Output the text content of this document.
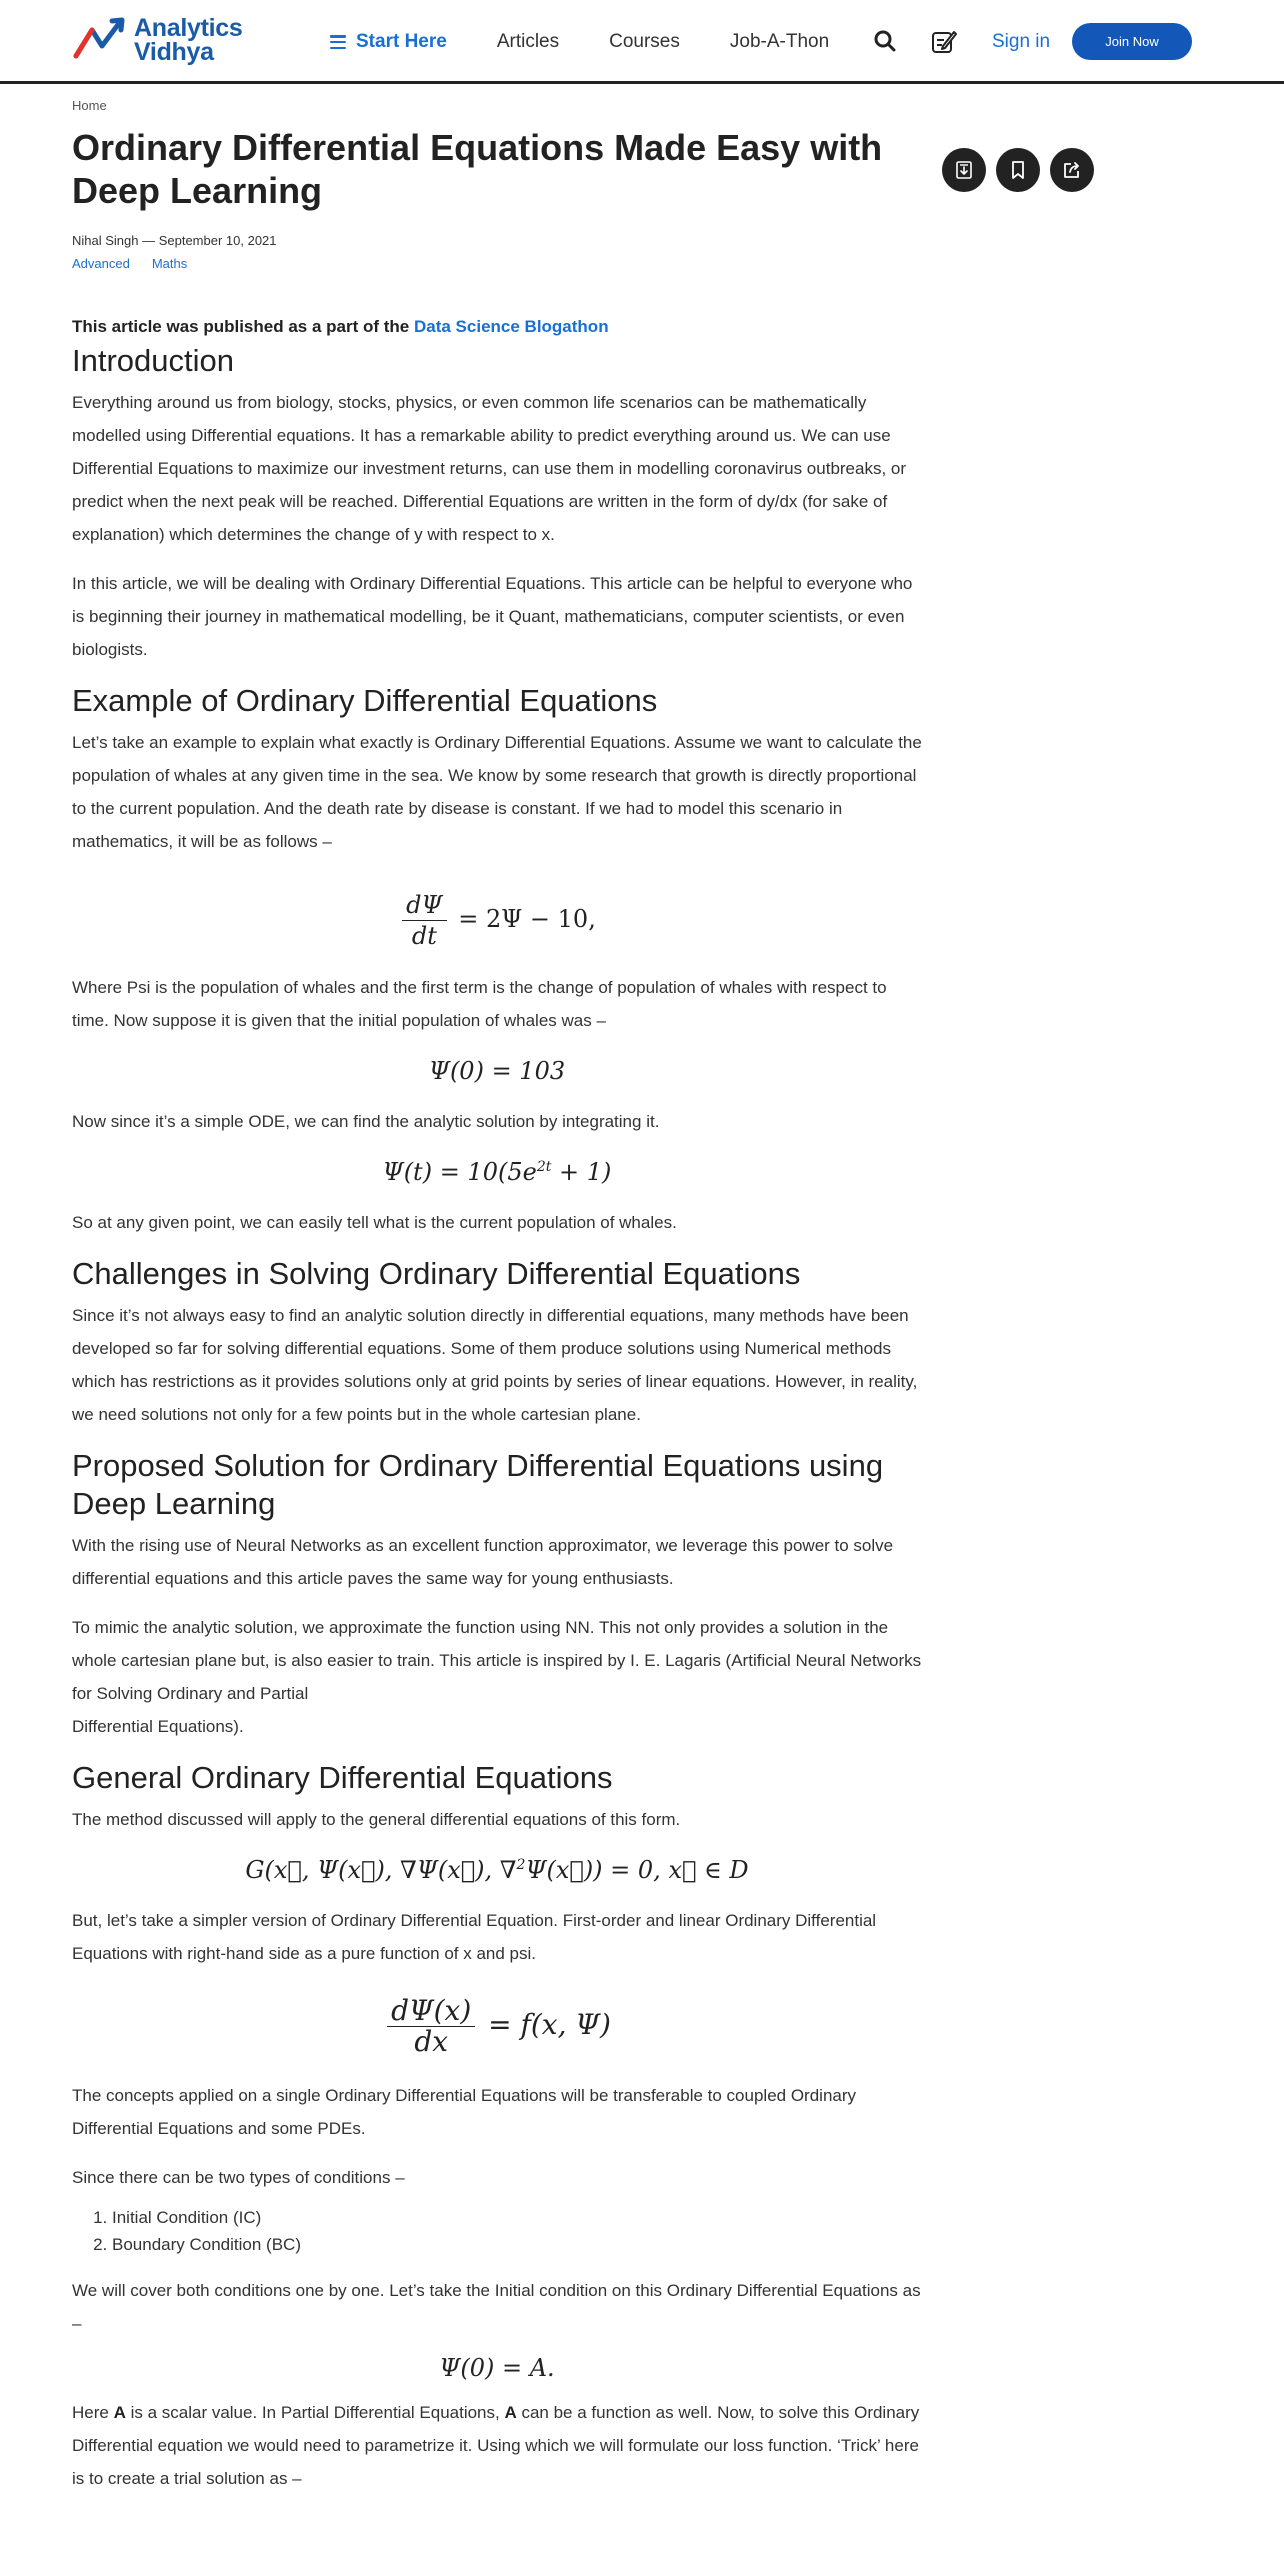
Analytics
Vidhya	Start Here	Articles	Courses	Job-A-Thon	Sign in	Join Now
Home
Ordinary Differential Equations Made Easy with Deep Learning
Nihal Singh — September 10, 2021
Advanced Maths
This article was published as a part of the Data Science Blogathon
Introduction

Everything around us from biology, stocks, physics, or even common life scenarios can be mathematically modelled using Differential equations. It has a remarkable ability to predict everything around us. We can use Differential Equations to maximize our investment returns, can use them in modelling coronavirus outbreaks, or predict when the next peak will be reached. Differential Equations are written in the form of dy/dx (for sake of explanation) which determines the change of y with respect to x.

In this article, we will be dealing with Ordinary Differential Equations. This article can be helpful to everyone who is beginning their journey in mathematical modelling, be it Quant, mathematicians, computer scientists, or even biologists.

Example of Ordinary Differential Equations

Let’s take an example to explain what exactly is Ordinary Differential Equations. Assume we want to calculate the population of whales at any given time in the sea. We know by some research that growth is directly proportional to the current population. And the death rate by disease is constant. If we had to model this scenario in mathematics, it will be as follows –

$\frac{d\Psi}{dt} = 2\Psi - 10$,

Where Psi is the population of whales and the first term is the change of population of whales with respect to time. Now suppose it is given that the initial population of whales was –

Ψ(0) = 103

Now since it’s a simple ODE, we can find the analytic solution by integrating it.

$\Psi(t) = 10(5e^{2t} + 1)$

So at any given point, we can easily tell what is the current population of whales.

Challenges in Solving Ordinary Differential Equations

Since it’s not always easy to find an analytic solution directly in differential equations, many methods have been developed so far for solving differential equations. Some of them produce solutions using Numerical methods which has restrictions as it provides solutions only at grid points by series of linear equations. However, in reality, we need solutions not only for a few points but in the whole cartesian plane.

Proposed Solution for Ordinary Differential Equations using Deep Learning

With the rising use of Neural Networks as an excellent function approximator, we leverage this power to solve differential equations and this article paves the same way for young enthusiasts.

To mimic the analytic solution, we approximate the function using NN. This not only provides a solution in the whole cartesian plane but, is also easier to train. This article is inspired by I. E. Lagaris (Artificial Neural Networks for Solving Ordinary and Partial
Differential Equations).

General Ordinary Differential Equations

The method discussed will apply to the general differential equations of this form.

G(x⃗, Ψ(x⃗), ∇Ψ(x⃗), ∇$^2$Ψ(x⃗)) = 0, x⃗ ∈ D

But, let’s take a simpler version of Ordinary Differential Equation. First-order and linear Ordinary Differential Equations with right-hand side as a pure function of x and psi.

$\frac{d\Psi(x)}{dx} = f(x$, Ψ)

The concepts applied on a single Ordinary Differential Equations will be transferable to coupled Ordinary Differential Equations and some PDEs.

Since there can be two types of conditions –

1. Initial Condition (IC)
2. Boundary Condition (BC)

We will cover both conditions one by one. Let’s take the Initial condition on this Ordinary Differential Equations as –

Ψ(0) = A.

Here A is a scalar value. In Partial Differential Equations, A can be a function as well. Now, to solve this Ordinary Differential equation we would need to parametrize it. Using which we will formulate our loss function. ‘Trick’ here is to create a trial solution as –
